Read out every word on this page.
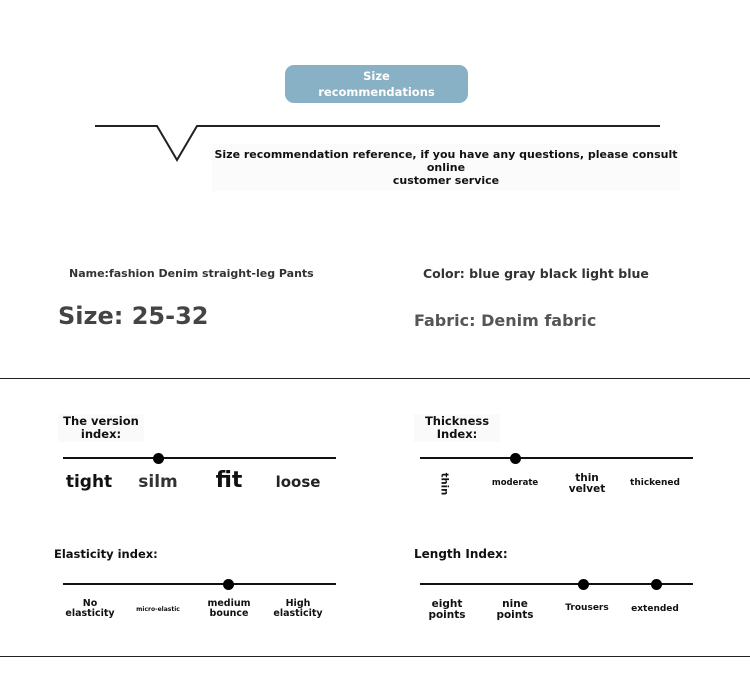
Size
recommendations
Size recommendation reference, if you have any questions, please consult online
customer service
Name:fashion Denim straight-leg Pants	Color: blue gray black light blue
Size: 25-32	Fabric: Denim fabric
The version
index:
tight silm fit loose
Thickness
Index:
thin	moderate	thin velvet
thickened
Elasticity index:
No elasticity	micro-elastic
medium bounce
High elasticity
Length Index:
eight points
nine points
Trousers extended
